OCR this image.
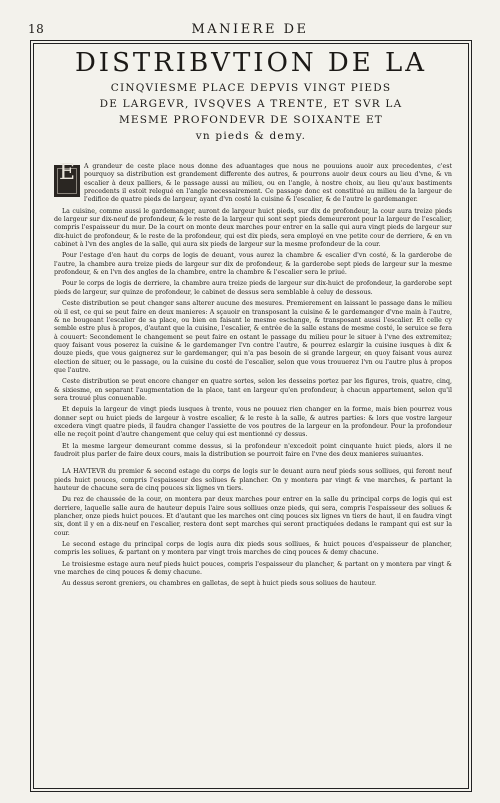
18	MANIERE DE
DISTRIBVTION DE LA
CINQVIESME PLACE DEPVIS VINGT PIEDS
DE LARGEVR, IVSQVES A TRENTE, ET SVR LA
MESME PROFONDEVR DE SOIXANTE ET
vn pieds & demy.

E	A grandeur de ceste place nous donne des aduantages que nous ne pouuions auoir aux precedentes, c'est pourquoy sa distribution est grandement differente des autres, & pourrons auoir deux cours au lieu d'vne, & vn escalier à deux palliers, & le passage aussi au milieu, ou en l'angle, à nostre choix, au lieu qu'aux bastiments precedents il estoit relegué en l'angle necessairement. Ce passage donc est constitué au milieu de la largeur de l'edifice de quatre pieds de largeur, ayant d'vn costé la cuisine & l'escalier, & de l'autre le gardemanger.

La cuisine, comme aussi le gardemanger, auront de largeur huict pieds, sur dix de profondeur, la cour aura treize pieds de largeur sur dix-neuf de profondeur, & le reste de la largeur qui sont sept pieds demeureront pour la largeur de l'escalier, compris l'espaisseur du mur. De la court on monte deux marches pour entrer en la salle qui aura vingt pieds de largeur sur dix-huict de profondeur, & le reste de la profondeur, qui est dix pieds, sera employé en vne petite cour de derriere, & en vn cabinet à l'vn des angles de la salle, qui aura six pieds de largeur sur la mesme profondeur de la cour.

Pour l'estage d'en haut du corps de logis de deuant, vous aurez la chambre & escalier d'vn costé, & la garderobe de l'autre, la chambre aura treize pieds de largeur sur dix de profondeur, & la garderobe sept pieds de largeur sur la mesme profondeur, & en l'vn des angles de la chambre, entre la chambre & l'escalier sera le priué.

Pour le corps de logis de derriere, la chambre aura treize pieds de largeur sur dix-huict de profondeur, la garderobe sept pieds de largeur, sur quinze de profondeur, le cabinet de dessus sera semblable à celuy de dessous.

Ceste distribution se peut changer sans alterer aucune des mesures. Premierement en laissant le passage dans le milieu où il est, ce qui se peut faire en deux manieres: A sçauoir en transposant la cuisine & le gardemanger d'vne main à l'autre, & ne bougeant l'escalier de sa place, ou bien en faisant le mesme eschange, & transposant aussi l'escalier. Et celle cy semble estre plus à propos, d'autant que la cuisine, l'escalier, & entrée de la salle estans de mesme costé, le seruice se fera à couuert: Secondement le changement se peut faire en ostant le passage du milieu pour le situer à l'vne des extremitez; quoy faisant vous poserez la cuisine & le gardemanger l'vn contre l'autre, & pourrez eslargir la cuisine iusques à dix & douze pieds, que vous gaignerez sur le gardemanger, qui n'a pas besoin de si grande largeur, en quoy faisant vous aurez election de situer, ou le passage, ou la cuisine du costé de l'escalier, selon que vous trouuerez l'vn ou l'autre plus à propos que l'autre.

Ceste distribution se peut encore changer en quatre sortes, selon les desseins portez par les figures, trois, quatre, cinq, & sixiesme, en separant l'augmentation de la place, tant en largeur qu'en profondeur, à chacun appartement, selon qu'il sera trouué plus conuenable.

Et depuis la largeur de vingt pieds iusques à trente, vous ne pouuez rien changer en la forme, mais bien pourrez vous donner sept ou huict pieds de largeur à vostre escalier, & le reste à la salle, & autres parties: & lors que vostre largeur excedera vingt quatre pieds, il faudra changer l'assiette de vos poutres de la largeur en la profondeur. Pour la profondeur elle ne reçoit point d'autre changement que celuy qui est mentionné cy dessus.

Et la mesme largeur demeurant comme dessus, si la profondeur n'excedoit point cinquante huict pieds, alors il ne faudroit plus parler de faire deux cours, mais la distribution se pourroit faire en l'vne des deux manieres suiuantes.

LA HAVTEVR du premier & second estage du corps de logis sur le deuant aura neuf pieds sous solliues, qui feront neuf pieds huict pouces, compris l'espaisseur des soliues & plancher. On y montera par vingt & vne marches, & partant la hauteur de chacune sera de cinq pouces six lignes vn tiers.

Du rez de chaussée de la cour, on montera par deux marches pour entrer en la salle du principal corps de logis qui est derriere, laquelle salle aura de hauteur depuis l'aire sous solliues onze pieds, qui sera, compris l'espaisseur des soliues & plancher, onze pieds huict pouces. Et d'autant que les marches ont cinq pouces six lignes vn tiers de haut, il en faudra vingt six, dont il y en a dix-neuf en l'escalier, restera dont sept marches qui seront practiquées dedans le rampant qui est sur la cour.

Le second estage du principal corps de logis aura dix pieds sous solliues, & huict pouces d'espaisseur de plancher, compris les soliues, & partant on y montera par vingt trois marches de cinq pouces & demy chacune.

Le troisiesme estage aura neuf pieds huict pouces, compris l'espaisseur du plancher, & partant on y montera par vingt & vne marches de cinq pouces & demy chacune.

Au dessus seront greniers, ou chambres en galletas, de sept à huict pieds sous soliues de hauteur.
